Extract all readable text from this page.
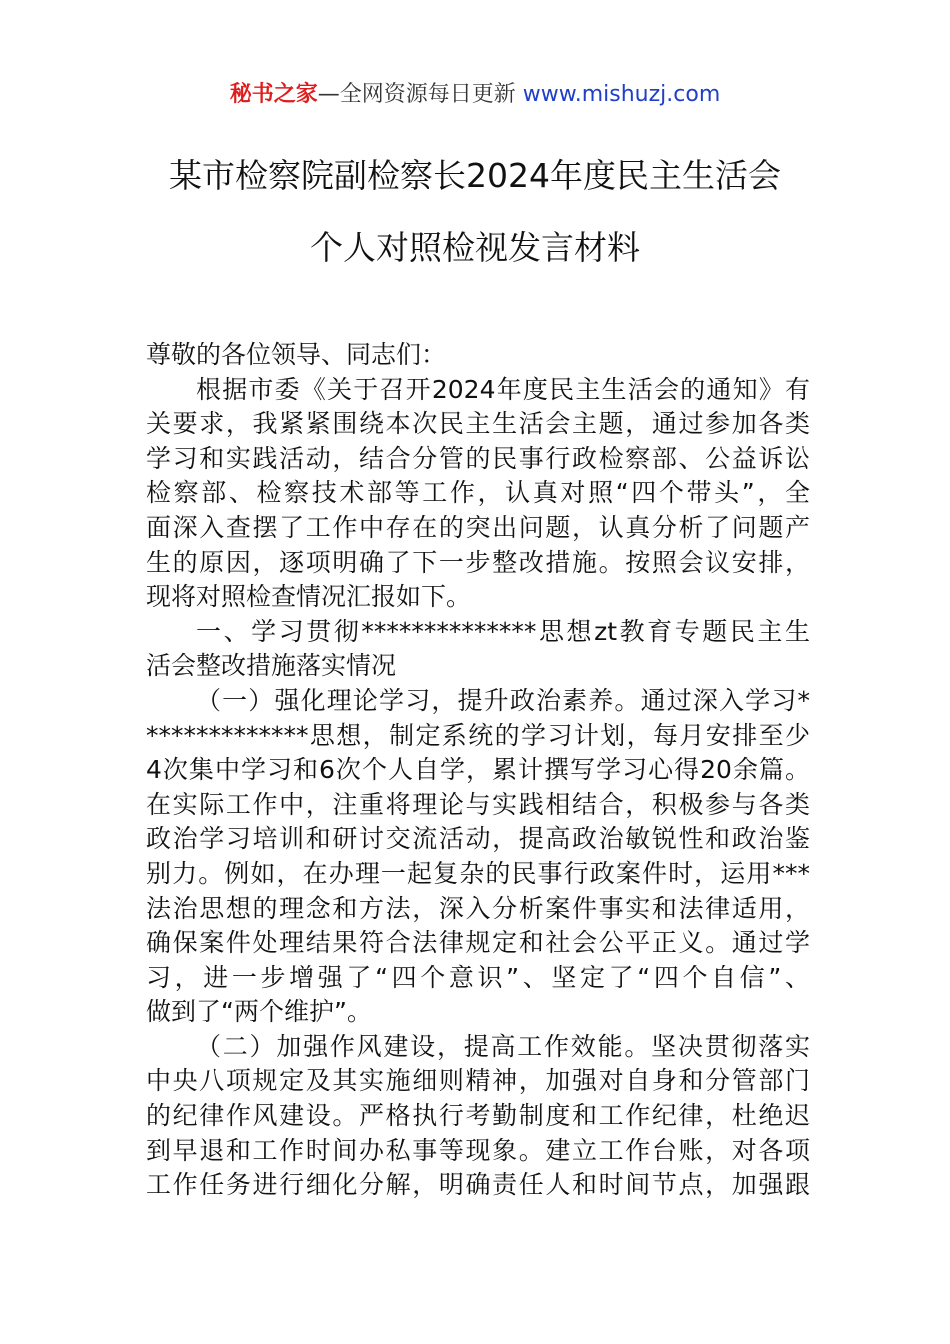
秘书之家—全网资源每日更新 www.mishuzj.com
某市检察院副检察长2024年度民主生活会
个人对照检视发言材料
尊敬的各位领导、同志们：
根据市委《关于召开2024年度民主生活会的通知》有
关要求，我紧紧围绕本次民主生活会主题，通过参加各类
学习和实践活动，结合分管的民事行政检察部、公益诉讼
检察部、检察技术部等工作，认真对照“四个带头”，全
面深入查摆了工作中存在的突出问题，认真分析了问题产
生的原因，逐项明确了下一步整改措施。按照会议安排，
现将对照检查情况汇报如下。
一、学习贯彻**************思想zt教育专题民主生
活会整改措施落实情况
（一）强化理论学习，提升政治素养。通过深入学习*
*************思想，制定系统的学习计划，每月安排至少
4次集中学习和6次个人自学，累计撰写学习心得20余篇。
在实际工作中，注重将理论与实践相结合，积极参与各类
政治学习培训和研讨交流活动，提高政治敏锐性和政治鉴
别力。例如，在办理一起复杂的民事行政案件时，运用***
法治思想的理念和方法，深入分析案件事实和法律适用，
确保案件处理结果符合法律规定和社会公平正义。通过学
习，进一步增强了“四个意识”、坚定了“四个自信”、
做到了“两个维护”。
（二）加强作风建设，提高工作效能。坚决贯彻落实
中央八项规定及其实施细则精神，加强对自身和分管部门
的纪律作风建设。严格执行考勤制度和工作纪律，杜绝迟
到早退和工作时间办私事等现象。建立工作台账，对各项
工作任务进行细化分解，明确责任人和时间节点，加强跟
